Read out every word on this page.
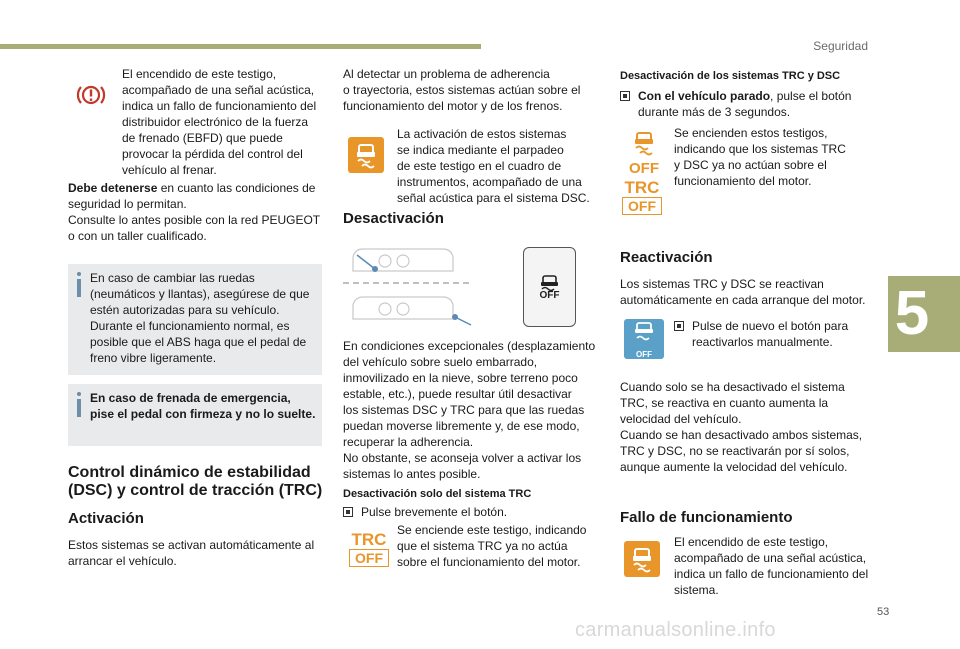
Seguridad
5
53
carmanualsonline.info

El encendido de este testigo,

acompañado de una señal acústica,

indica un fallo de funcionamiento del

distribuidor electrónico de la fuerza

de frenado (EBFD) que puede

provocar la pérdida del control del

vehículo al frenar.

Debe detenerse en cuanto las condiciones de

seguridad lo permitan.

Consulte lo antes posible con la red PEUGEOT

o con un taller cualificado.

En caso de cambiar las ruedas

(neumáticos y llantas), asegúrese de que

estén autorizadas para su vehículo.

Durante el funcionamiento normal, es

posible que el ABS haga que el pedal de

freno vibre ligeramente.

En caso de frenada de emergencia,

pise el pedal con firmeza y no lo suelte.

Control dinámico de estabilidad
(DSC) y control de tracción (TRC)
Activación

Estos sistemas se activan automáticamente al

arrancar el vehículo.

Al detectar un problema de adherencia

o trayectoria, estos sistemas actúan sobre el

funcionamiento del motor y de los frenos.

La activación de estos sistemas

se indica mediante el parpadeo

de este testigo en el cuadro de

instrumentos, acompañado de una

señal acústica para el sistema DSC.

Desactivación
OFF

En condiciones excepcionales (desplazamiento

del vehículo sobre suelo embarrado,

inmovilizado en la nieve, sobre terreno poco

estable, etc.), puede resultar útil desactivar

los sistemas DSC y TRC para que las ruedas

puedan moverse libremente y, de ese modo,

recuperar la adherencia.

No obstante, se aconseja volver a activar los

sistemas lo antes posible.

Desactivación solo del sistema TRC
Pulse brevemente el botón.
TRC
OFF

Se enciende este testigo, indicando

que el sistema TRC ya no actúa

sobre el funcionamiento del motor.

Desactivación de los sistemas TRC y DSC

Con el vehículo parado, pulse el botón

durante más de 3 segundos.

OFF
TRC
OFF

Se encienden estos testigos,

indicando que los sistemas TRC

y DSC ya no actúan sobre el

funcionamiento del motor.

Reactivación

Los sistemas TRC y DSC se reactivan

automáticamente en cada arranque del motor.

OFF

Pulse de nuevo el botón para

reactivarlos manualmente.

Cuando solo se ha desactivado el sistema

TRC, se reactiva en cuanto aumenta la

velocidad del vehículo.

Cuando se han desactivado ambos sistemas,

TRC y DSC, no se reactivarán por sí solos,

aunque aumente la velocidad del vehículo.

Fallo de funcionamiento

El encendido de este testigo,

acompañado de una señal acústica,

indica un fallo de funcionamiento del

sistema.
